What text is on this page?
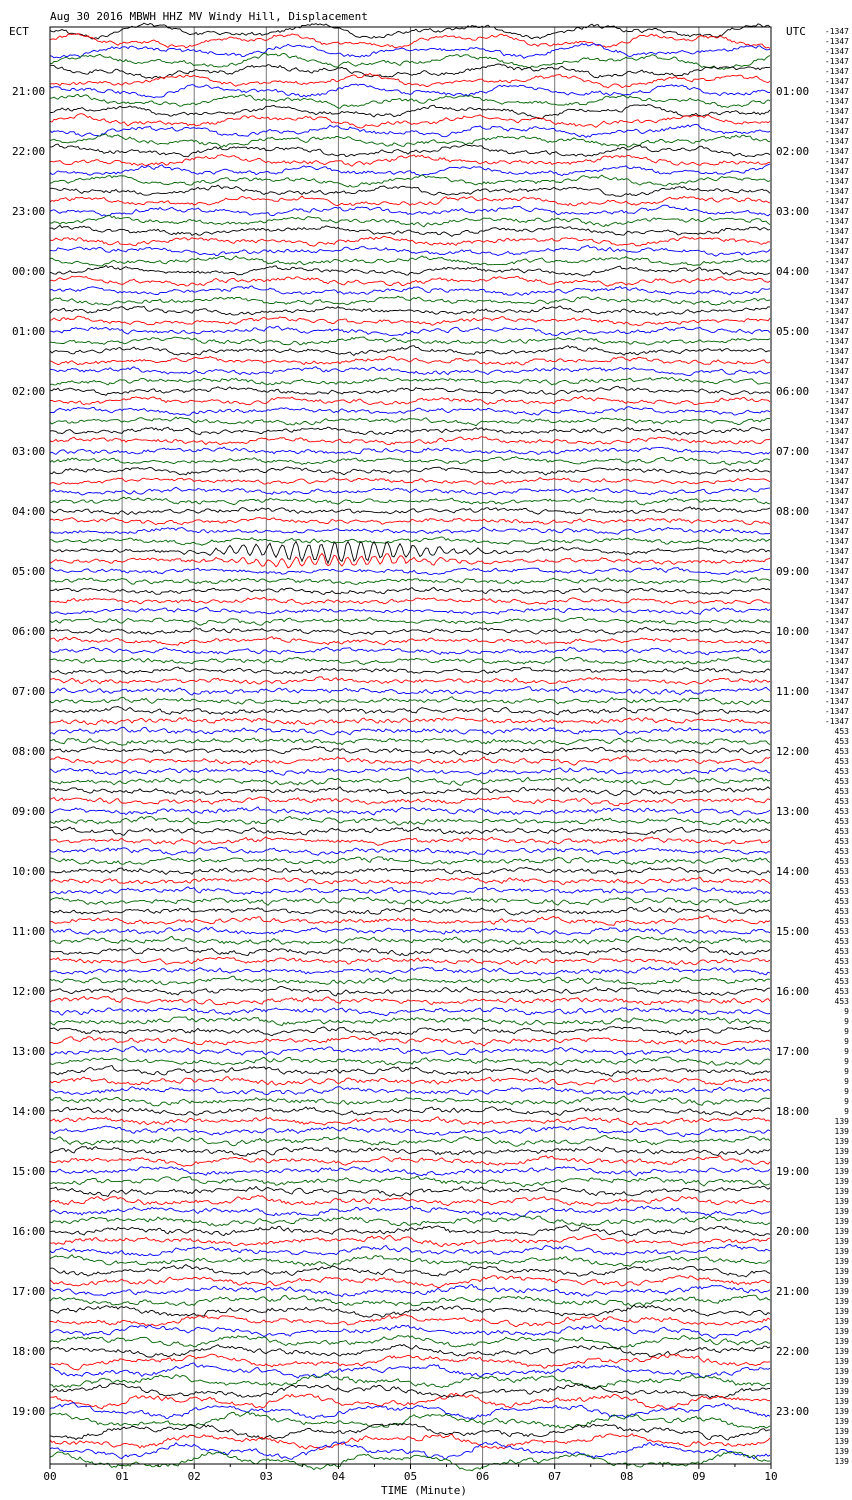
Aug 30 2016 MBWH HHZ MV Windy Hill, Displacement
ECT	UTC
00	01	02	03	04	05	06	07	08	09	10
21:00
22:00
23:00
00:00
01:00
02:00
03:00
04:00
05:00
06:00
07:00
08:00
09:00
10:00
11:00
12:00
13:00
14:00
15:00
16:00
17:00
18:00
19:00
01:00
02:00
03:00
04:00
05:00
06:00
07:00
08:00
09:00
10:00
11:00
12:00
13:00
14:00
15:00
16:00
17:00
18:00
19:00
20:00
21:00
22:00
23:00
-1347
-1347
-1347
-1347
-1347
-1347
-1347
-1347
-1347
-1347
-1347
-1347
-1347
-1347
-1347
-1347
-1347
-1347
-1347
-1347
-1347
-1347
-1347
-1347
-1347
-1347
-1347
-1347
-1347
-1347
-1347
-1347
-1347
-1347
-1347
-1347
-1347
-1347
-1347
-1347
-1347
-1347
-1347
-1347
-1347
-1347
-1347
-1347
-1347
-1347
-1347
-1347
-1347
-1347
-1347
-1347
-1347
-1347
-1347
-1347
-1347
-1347
-1347
-1347
-1347
-1347
-1347
-1347
-1347
-1347
453
453
453
453
453
453
453
453
453
453
453
453
453
453
453
453
453
453
453
453
453
453
453
453
453
453
453
453
9
9
9
9
9
9
9
9
9
9
9
139
139
139
139
139
139
139
139
139
139
139
139
139
139
139
139
139
139
139
139
139
139
139
139
139
139
139
139
139
139
139
139
139
139
139
TIME (Minute)
